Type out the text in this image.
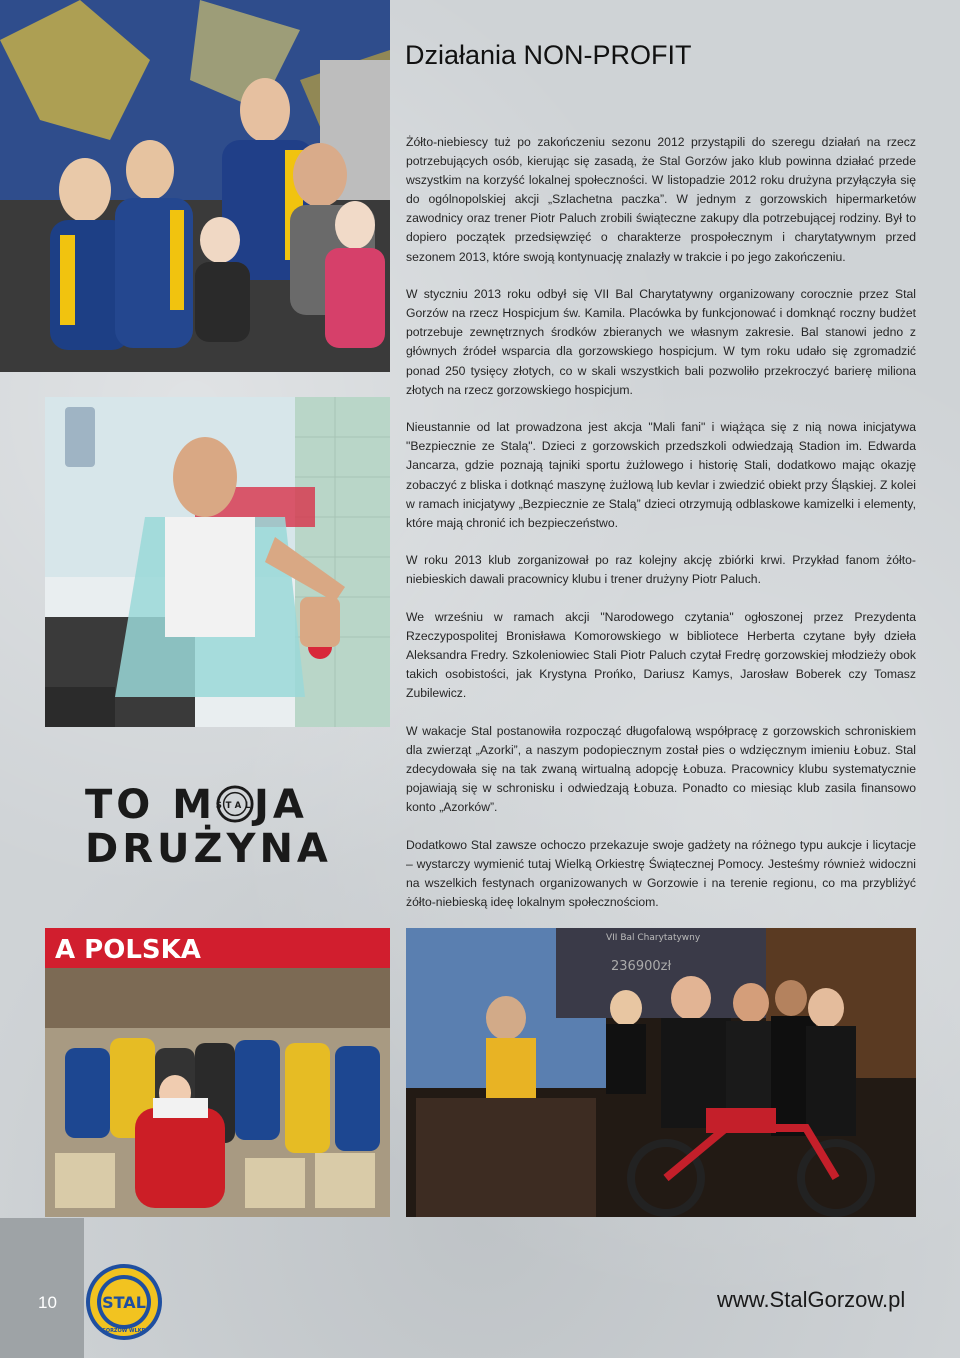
Działania NON-PROFIT

Żółto-niebiescy tuż po zakończeniu sezonu 2012 przystąpili do szeregu działań na rzecz potrzebujących osób, kierując się zasadą, że Stal Gorzów jako klub powinna działać przede wszystkim na korzyść lokalnej społeczności. W listopadzie 2012 roku drużyna przyłączyła się do ogólnopolskiej akcji „Szlachetna paczka”. W jednym z gorzowskich hipermarketów zawodnicy oraz trener Piotr Paluch zrobili świąteczne zakupy dla potrzebującej rodziny. Był to dopiero początek przedsięwzięć o charakterze prospołecznym i charytatywnym przed sezonem 2013, które swoją kontynuację znalazły w trakcie i po jego zakończeniu.

W styczniu 2013 roku odbył się VII Bal Charytatywny organizowany corocznie przez Stal Gorzów na rzecz Hospicjum św. Kamila. Placówka by funkcjonować i domknąć roczny budżet potrzebuje zewnętrznych środków zbieranych we własnym zakresie. Bal stanowi jedno z głównych źródeł wsparcia dla gorzowskiego hospicjum. W tym roku udało się zgromadzić ponad 250 tysięcy złotych, co w skali wszystkich bali pozwoliło przekroczyć barierę miliona złotych na rzecz gorzowskiego hospicjum.

Nieustannie od lat prowadzona jest akcja "Mali fani" i wiążąca się z nią nowa inicjatywa "Bezpiecznie ze Stalą". Dzieci z gorzowskich przedszkoli odwiedzają Stadion im. Edwarda Jancarza, gdzie poznają tajniki sportu żużlowego i historię Stali, dodatkowo mając okazję zobaczyć z bliska i dotknąć maszynę żużlową lub kevlar i zwiedzić obiekt przy Śląskiej. Z kolei w ramach inicjatywy „Bezpiecznie ze Stalą” dzieci otrzymują odblaskowe kamizelki i elementy, które mają chronić ich bezpieczeństwo.

W roku 2013 klub zorganizował po raz kolejny akcję zbiórki krwi. Przykład fanom żółto-niebieskich dawali pracownicy klubu i trener drużyny Piotr Paluch.

We wrześniu w ramach akcji "Narodowego czytania" ogłoszonej przez Prezydenta Rzeczypospolitej Bronisława Komorowskiego w bibliotece Herberta czytane były dzieła Aleksandra Fredry. Szkoleniowiec Stali Piotr Paluch czytał Fredrę gorzowskiej młodzieży obok takich osobistości, jak Krystyna Prońko, Dariusz Kamys, Jarosław Boberek czy Tomasz Zubilewicz.

W wakacje Stal postanowiła rozpocząć długofalową współpracę z gorzowskich schroniskiem dla zwierząt „Azorki”, a naszym podopiecznym został pies o wdzięcznym imieniu Łobuz. Stal zdecydowała się na tak zwaną wirtualną adopcję Łobuza. Pracownicy klubu systematycznie pojawiają się w schronisku i odwiedzają Łobuza. Ponadto co miesiąc klub zasila finansowo konto „Azorków”.

Dodatkowo Stal zawsze ochoczo przekazuje swoje gadżety na różnego typu aukcje i licytacje – wystarczy wymienić tutaj Wielką Orkiestrę Świątecznej Pomocy. Jesteśmy również widoczni na wszelkich festynach organizowanych w Gorzowie i na terenie regionu, co ma przybliżyć żółto-niebieską ideę lokalnym społecznościom.

TO M STAL JA
DRUŻYNA
A POLSKA	VII Bal Charytatywny
236900zł
10	STAL
GORZÓW WLKP.
www.StalGorzow.pl
